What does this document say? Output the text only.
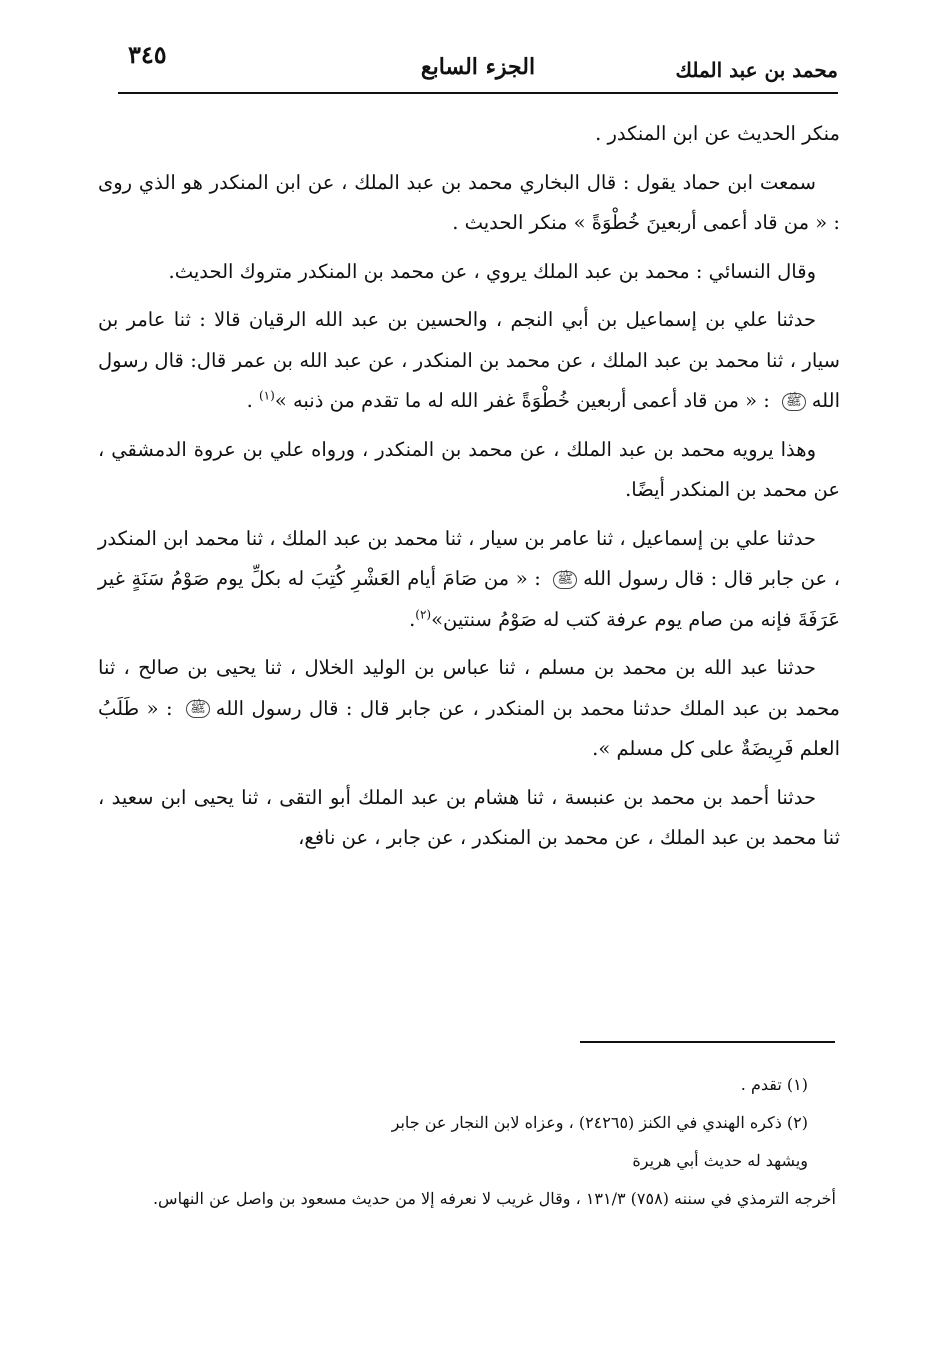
محمد بن عبد الملك
الجزء السابع
٣٤٥

منكر الحديث عن ابن المنكدر .

سمعت ابن حماد يقول : قال البخاري محمد بن عبد الملك ، عن ابن المنكدر هو الذي روى : « من قاد أعمى أربعينَ خُطْوَةً » منكر الحديث .

وقال النسائي : محمد بن عبد الملك يروي ، عن محمد بن المنكدر متروك الحديث.

حدثنا علي بن إسماعيل بن أبي النجم ، والحسين بن عبد الله الرقيان قالا : ثنا عامر بن سيار ، ثنا محمد بن عبد الملك ، عن محمد بن المنكدر ، عن عبد الله بن عمر قال: قال رسول اللهﷺ : « من قاد أعمى أربعين خُطْوَةً غفر الله له ما تقدم من ذنبه »$^{(١)}$ .

وهذا يرويه محمد بن عبد الملك ، عن محمد بن المنكدر ، ورواه علي بن عروة الدمشقي ، عن محمد بن المنكدر أيضًا.

حدثنا علي بن إسماعيل ، ثنا عامر بن سيار ، ثنا محمد بن عبد الملك ، ثنا محمد ابن المنكدر ، عن جابر قال : قال رسول اللهﷺ : « من صَامَ أيام العَشْرِ كُتِبَ له بكلِّ يوم صَوْمُ سَنَةٍ غير عَرَفَةَ فإنه من صام يوم عرفة كتب له صَوْمُ سنتين»$^{(٢)}$.

حدثنا عبد الله بن محمد بن مسلم ، ثنا عباس بن الوليد الخلال ، ثنا يحيى بن صالح ، ثنا محمد بن عبد الملك حدثنا محمد بن المنكدر ، عن جابر قال : قال رسول اللهﷺ : « طَلَبُ العلم فَرِيضَةٌ على كل مسلم ».

حدثنا أحمد بن محمد بن عنبسة ، ثنا هشام بن عبد الملك أبو التقى ، ثنا يحيى ابن سعيد ، ثنا محمد بن عبد الملك ، عن محمد بن المنكدر ، عن جابر ، عن نافع،

(١) تقدم .

(٢) ذكره الهندي في الكنز (٢٤٢٦٥) ، وعزاه لابن النجار عن جابر

ويشهد له حديث أبي هريرة

أخرجه الترمذي في سننه (٧٥٨) ١٣١/٣ ، وقال غريب لا نعرفه إلا من حديث مسعود بن واصل عن النهاس.
